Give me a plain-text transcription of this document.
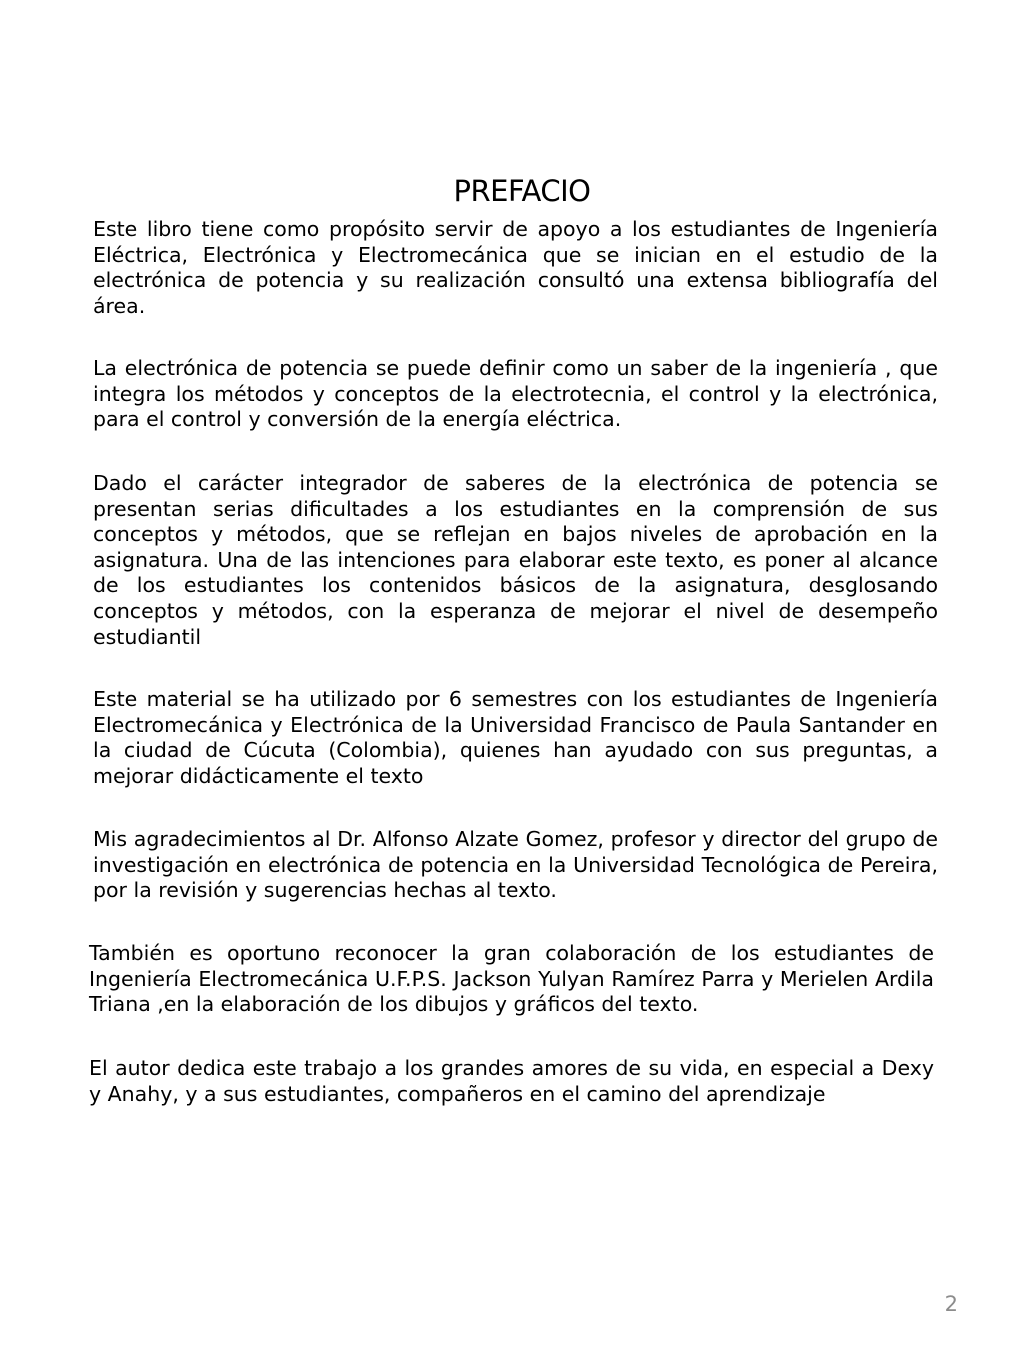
PREFACIO

Este libro tiene como propósito servir de apoyo a los estudiantes de Ingeniería Eléctrica, Electrónica y Electromecánica que se inician en el estudio de la electrónica de potencia y su realización consultó una extensa bibliografía del área.

La electrónica de potencia se puede definir como un saber de la ingeniería , que integra los métodos y conceptos de la electrotecnia, el control y la electrónica, para el control y conversión de la energía eléctrica.

Dado el carácter integrador de saberes de la electrónica de potencia se presentan serias dificultades a los estudiantes en la comprensión de sus conceptos y métodos, que se reflejan en bajos niveles de aprobación en la asignatura. Una de las intenciones para elaborar este texto, es poner al alcance de los estudiantes los contenidos básicos de la asignatura, desglosando conceptos y métodos, con la esperanza de mejorar el nivel de desempeño estudiantil

Este material se ha utilizado por 6 semestres con los estudiantes de Ingeniería Electromecánica y Electrónica de la Universidad Francisco de Paula Santander en la ciudad de Cúcuta (Colombia), quienes han ayudado con sus preguntas, a mejorar didácticamente el texto

Mis agradecimientos al Dr. Alfonso Alzate Gomez, profesor y director del grupo de investigación en electrónica de potencia en la Universidad Tecnológica de Pereira, por la revisión y sugerencias hechas al texto.

También es oportuno reconocer la gran colaboración de los estudiantes de Ingeniería Electromecánica U.F.P.S. Jackson Yulyan Ramírez Parra y Merielen Ardila Triana ,en la elaboración de los dibujos y gráficos del texto.

El autor dedica este trabajo a los grandes amores de su vida, en especial a Dexy y Anahy, y a sus estudiantes, compañeros en el camino del aprendizaje

2
